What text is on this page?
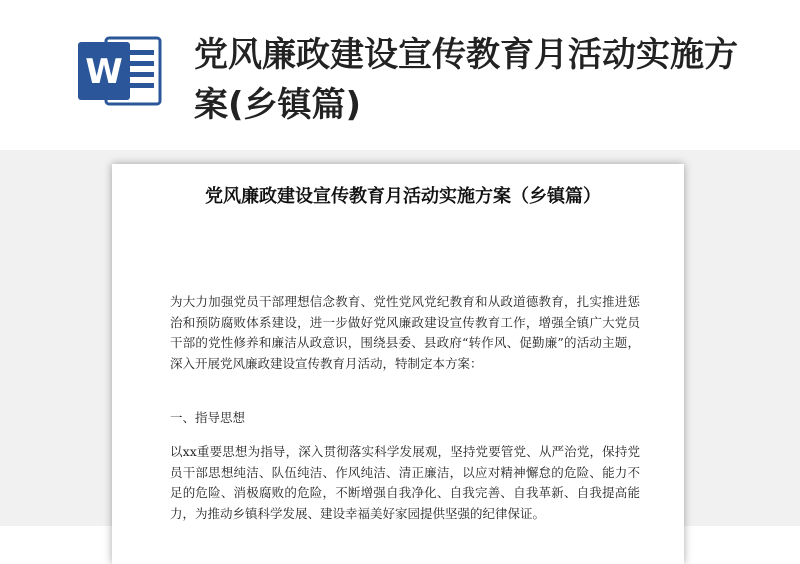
W 党风廉政建设宣传教育月活动实施方案(乡镇篇)
党风廉政建设宣传教育月活动实施方案（乡镇篇）

为大力加强党员干部理想信念教育、党性党风党纪教育和从政道德教育，扎实推进惩治和预防腐败体系建设，进一步做好党风廉政建设宣传教育工作，增强全镇广大党员干部的党性修养和廉洁从政意识，围绕县委、县政府“转作风、促勤廉”的活动主题，深入开展党风廉政建设宣传教育月活动，特制定本方案：

一、指导思想

以xx重要思想为指导，深入贯彻落实科学发展观，坚持党要管党、从严治党，保持党员干部思想纯洁、队伍纯洁、作风纯洁、清正廉洁，以应对精神懈怠的危险、能力不足的危险、消极腐败的危险，不断增强自我净化、自我完善、自我革新、自我提高能力，为推动乡镇科学发展、建设幸福美好家园提供坚强的纪律保证。
